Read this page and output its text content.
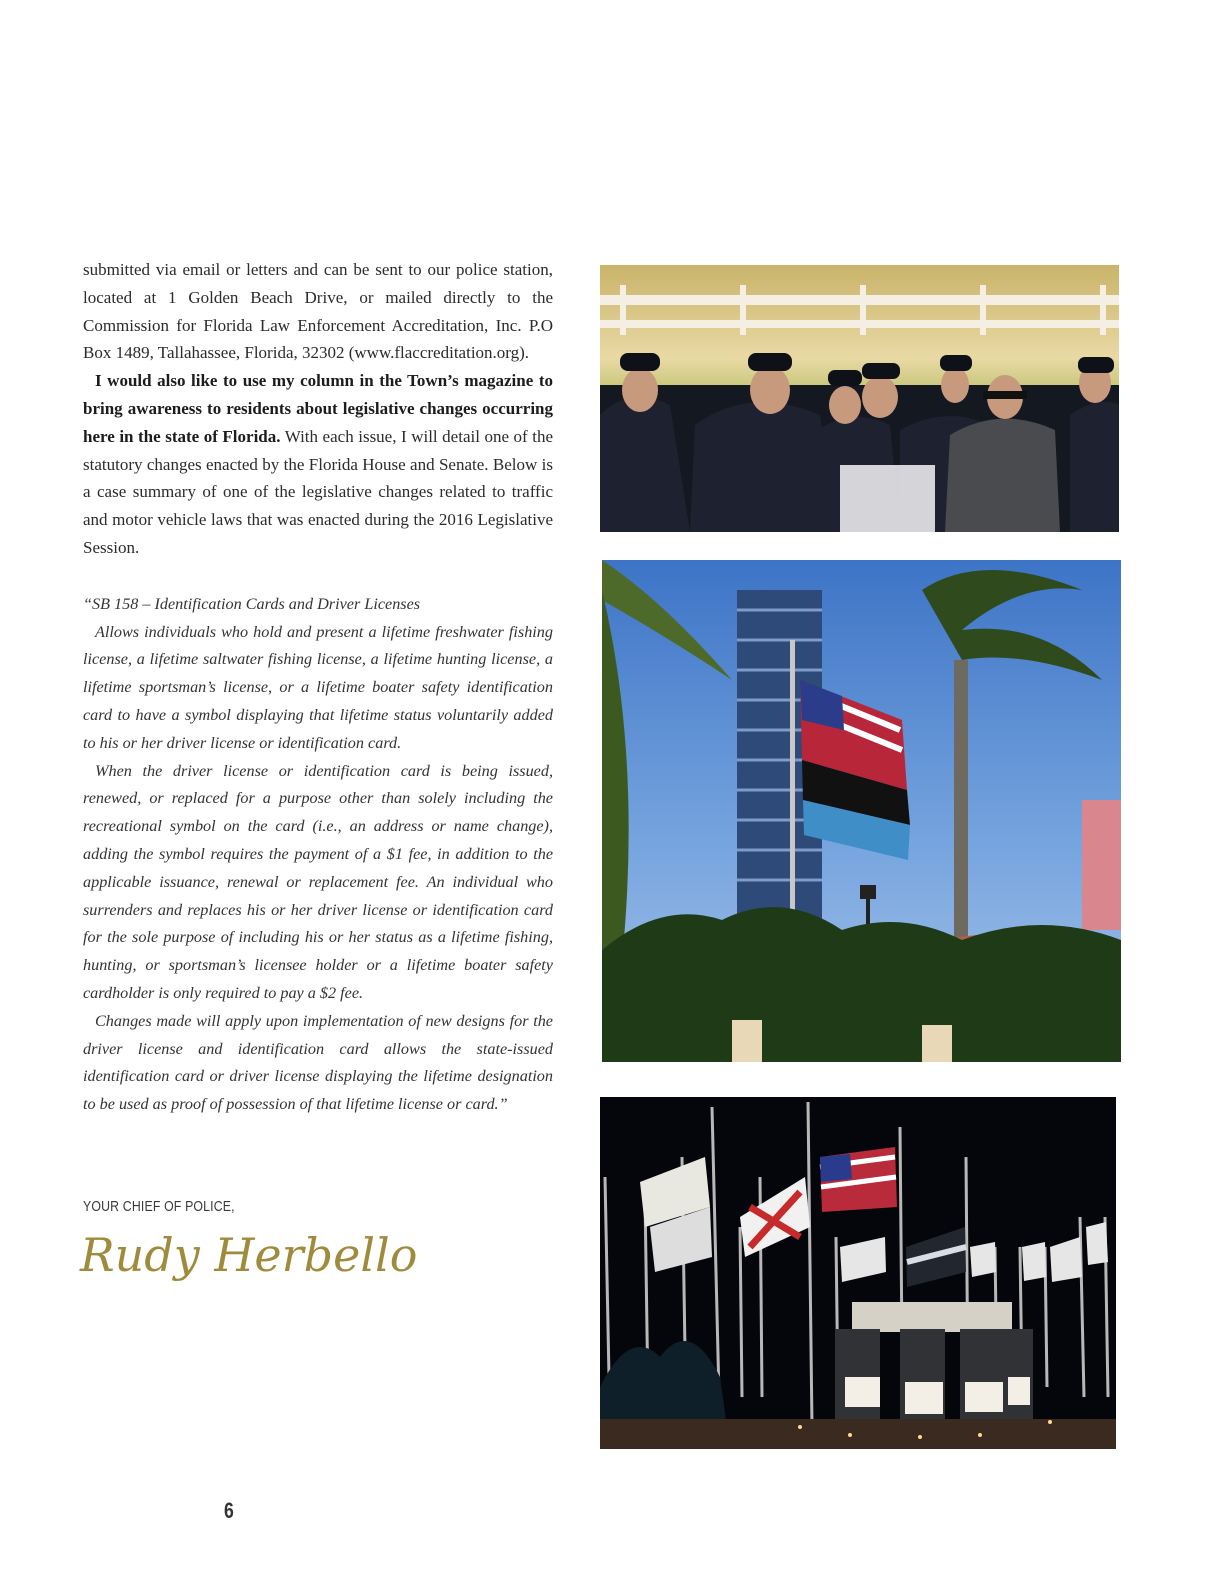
submitted via email or letters and can be sent to our police station, located at 1 Golden Beach Drive, or mailed directly to the Commission for Florida Law Enforcement Accreditation, Inc. P.O Box 1489, Tallahassee, Florida, 32302 (www.flaccreditation.org).

I would also like to use my column in the Town’s magazine to bring awareness to residents about legislative changes occurring here in the state of Florida. With each issue, I will detail one of the statutory changes enacted by the Florida House and Senate. Below is a case summary of one of the legislative changes related to traffic and motor vehicle laws that was enacted during the 2016 Legislative Session.

“SB 158 – Identification Cards and Driver Licenses

Allows individuals who hold and present a lifetime freshwater fishing license, a lifetime saltwater fishing license, a lifetime hunting license, a lifetime sportsman’s license, or a lifetime boater safety identification card to have a symbol displaying that lifetime status voluntarily added to his or her driver license or identification card.

When the driver license or identification card is being issued, renewed, or replaced for a purpose other than solely including the recreational symbol on the card (i.e., an address or name change), adding the symbol requires the payment of a $1 fee, in addition to the applicable issuance, renewal or replacement fee. An individual who surrenders and replaces his or her driver license or identification card for the sole purpose of including his or her status as a lifetime fishing, hunting, or sportsman’s licensee holder or a lifetime boater safety cardholder is only required to pay a $2 fee.

Changes made will apply upon implementation of new designs for the driver license and identification card allows the state-issued identification card or driver license displaying the lifetime designation to be used as proof of possession of that lifetime license or card.”

YOUR CHIEF OF POLICE,
Rudy Herbello
6
